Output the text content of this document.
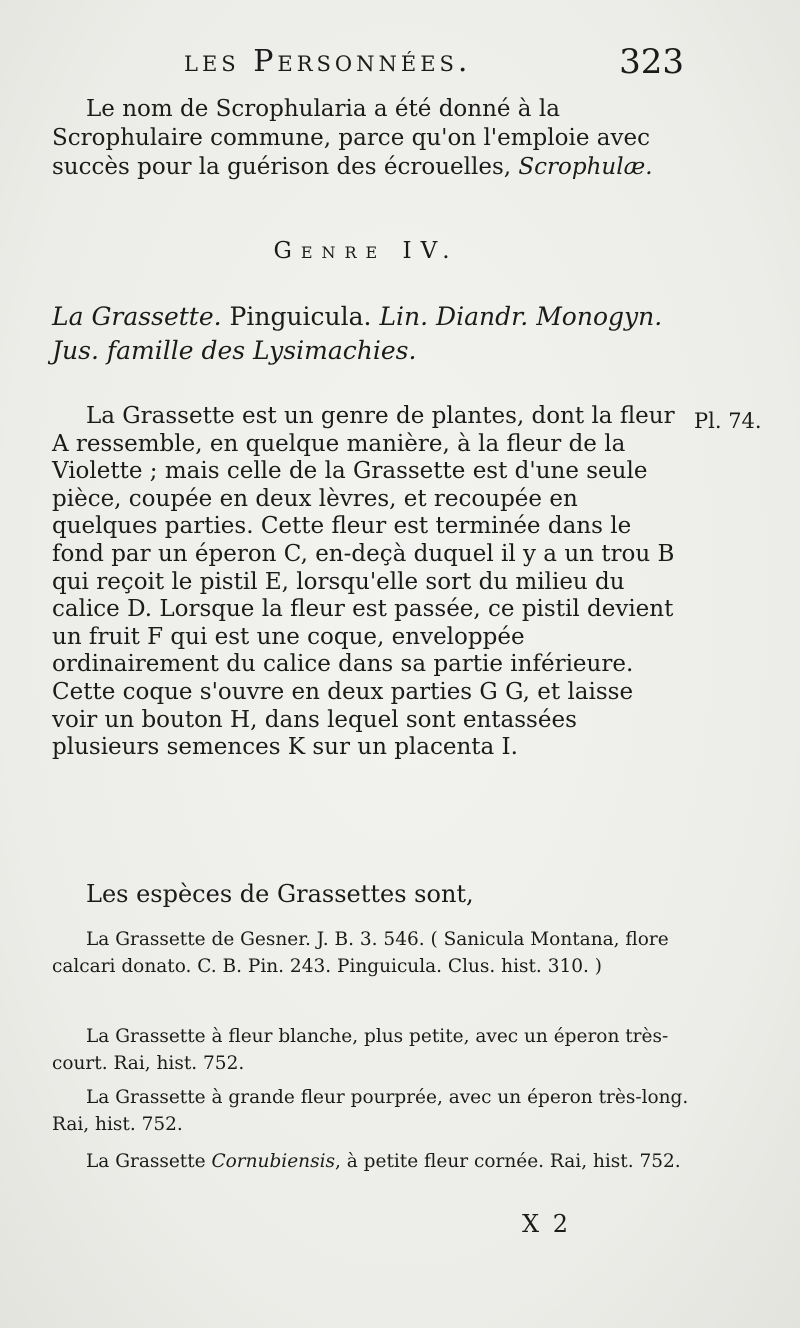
les Personnées.	323

Le nom de Scrophularia a été donné à la Scrophulaire commune, parce qu'on l'emploie avec succès pour la guérison des écrouelles, Scrophulæ.

Genre IV.

La Grassette. Pinguicula. Lin. Diandr. Monogyn. Jus. famille des Lysimachies.

La Grassette est un genre de plantes, dont la fleur A ressemble, en quelque manière, à la fleur de la Violette ; mais celle de la Grassette est d'une seule pièce, coupée en deux lèvres, et recoupée en quelques parties. Cette fleur est terminée dans le fond par un éperon C, en-deçà duquel il y a un trou B qui reçoit le pistil E, lorsqu'elle sort du milieu du calice D. Lorsque la fleur est passée, ce pistil devient un fruit F qui est une coque, enveloppée ordinairement du calice dans sa partie inférieure. Cette coque s'ouvre en deux parties G G, et laisse voir un bouton H, dans lequel sont entassées plusieurs semences K sur un placenta I.

Pl. 74.

Les espèces de Grassettes sont,

La Grassette de Gesner. J. B. 3. 546. ( Sanicula Montana, flore calcari donato. C. B. Pin. 243. Pinguicula. Clus. hist. 310. )

La Grassette à fleur blanche, plus petite, avec un éperon très-court. Rai, hist. 752.

La Grassette à grande fleur pourprée, avec un éperon très-long. Rai, hist. 752.

La Grassette Cornubiensis, à petite fleur cornée. Rai, hist. 752.

X 2
